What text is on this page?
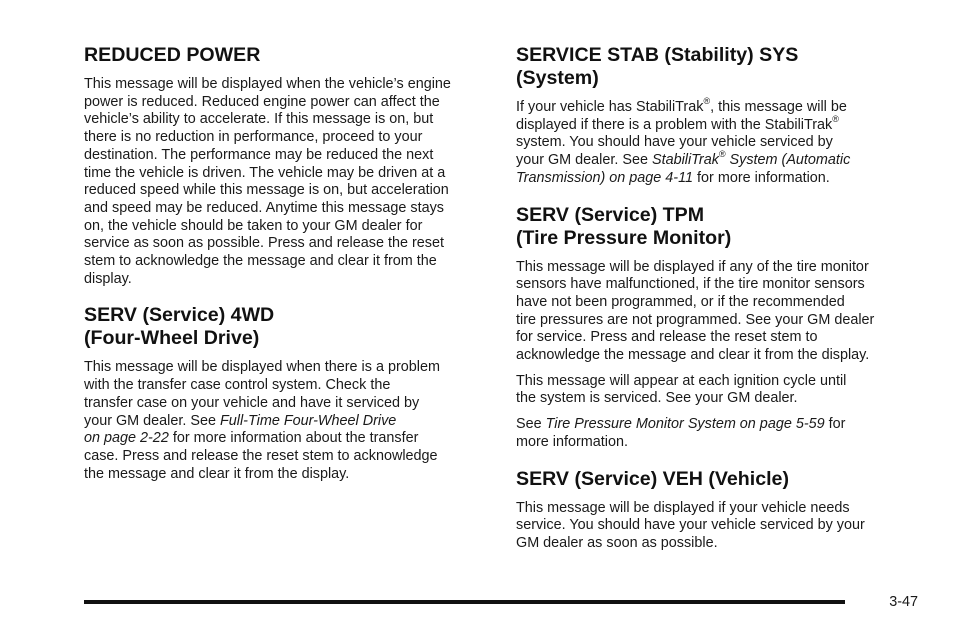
REDUCED POWER

This message will be displayed when the vehicle’s engine
power is reduced. Reduced engine power can affect the
vehicle’s ability to accelerate. If this message is on, but
there is no reduction in performance, proceed to your
destination. The performance may be reduced the next
time the vehicle is driven. The vehicle may be driven at a
reduced speed while this message is on, but acceleration
and speed may be reduced. Anytime this message stays
on, the vehicle should be taken to your GM dealer for
service as soon as possible. Press and release the reset
stem to acknowledge the message and clear it from the
display.

SERV (Service) 4WD
(Four-Wheel Drive)

This message will be displayed when there is a problem
with the transfer case control system. Check the
transfer case on your vehicle and have it serviced by
your GM dealer. See Full-Time Four-Wheel Drive
on page 2-22 for more information about the transfer
case. Press and release the reset stem to acknowledge
the message and clear it from the display.

SERVICE STAB (Stability) SYS
(System)

If your vehicle has StabiliTrak®, this message will be
displayed if there is a problem with the StabiliTrak®
system. You should have your vehicle serviced by
your GM dealer. See StabiliTrak® System (Automatic
Transmission) on page 4-11 for more information.

SERV (Service) TPM
(Tire Pressure Monitor)

This message will be displayed if any of the tire monitor
sensors have malfunctioned, if the tire monitor sensors
have not been programmed, or if the recommended
tire pressures are not programmed. See your GM dealer
for service. Press and release the reset stem to
acknowledge the message and clear it from the display.

This message will appear at each ignition cycle until
the system is serviced. See your GM dealer.

See Tire Pressure Monitor System on page 5-59 for
more information.

SERV (Service) VEH (Vehicle)

This message will be displayed if your vehicle needs
service. You should have your vehicle serviced by your
GM dealer as soon as possible.

3-47
